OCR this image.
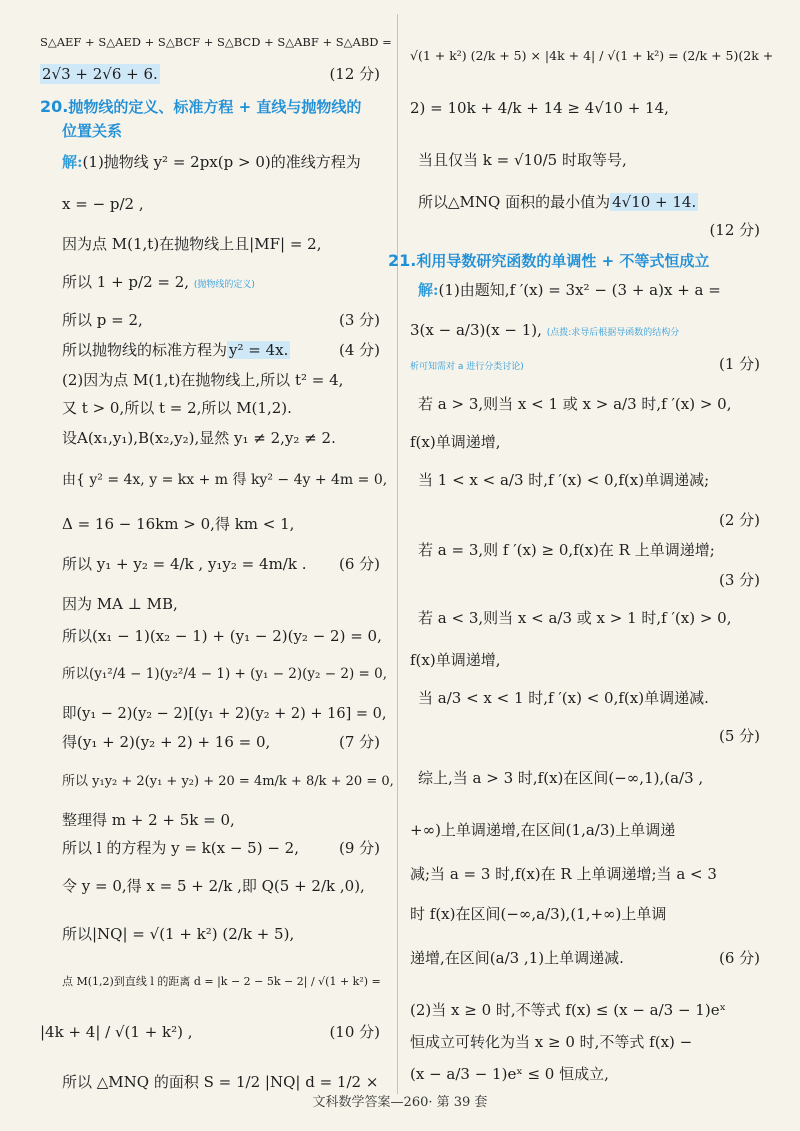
S△AEF + S△AED + S△BCF + S△BCD + S△ABF + S△ABD =
2√3 + 2√6 + 6.	(12 分)
20.抛物线的定义、标准方程 + 直线与抛物线的
位置关系
解:(1)抛物线 y² = 2px(p > 0)的准线方程为
x = − p/2 ,
因为点 M(1,t)在抛物线上且|MF| = 2,
所以 1 + p/2 = 2, (抛物线的定义)
所以 p = 2,	(3 分)
所以抛物线的标准方程为 y² = 4x.	(4 分)
(2)因为点 M(1,t)在抛物线上,所以 t² = 4,
又 t > 0,所以 t = 2,所以 M(1,2).
设A(x₁,y₁),B(x₂,y₂),显然 y₁ ≠ 2,y₂ ≠ 2.
由{ y² = 4x, y = kx + m 得 ky² − 4y + 4m = 0,
Δ = 16 − 16km > 0,得 km < 1,
所以 y₁ + y₂ = 4/k , y₁y₂ = 4m/k . (6 分)
因为 MA ⊥ MB,
所以(x₁ − 1)(x₂ − 1) + (y₁ − 2)(y₂ − 2) = 0,
所以(y₁²/4 − 1)(y₂²/4 − 1) + (y₁ − 2)(y₂ − 2) = 0,
即(y₁ − 2)(y₂ − 2)[(y₁ + 2)(y₂ + 2) + 16] = 0,
得(y₁ + 2)(y₂ + 2) + 16 = 0,	(7 分)
所以 y₁y₂ + 2(y₁ + y₂) + 20 = 4m/k + 8/k + 20 = 0,
整理得 m + 2 + 5k = 0,
所以 l 的方程为 y = k(x − 5) − 2,	(9 分)
令 y = 0,得 x = 5 + 2/k ,即 Q(5 + 2/k ,0),
所以|NQ| = √(1 + k²) (2/k + 5),
点 M(1,2)到直线 l 的距离 d = |k − 2 − 5k − 2| / √(1 + k²) =
|4k + 4| / √(1 + k²) ,	(10 分)
所以 △MNQ 的面积 S = 1/2 |NQ| d = 1/2 ×
√(1 + k²) (2/k + 5) × |4k + 4| / √(1 + k²) = (2/k + 5)(2k +
2) = 10k + 4/k + 14 ≥ 4√10 + 14,
当且仅当 k = √10/5 时取等号,
所以△MNQ 面积的最小值为 4√10 + 14.
(12 分)
21.利用导数研究函数的单调性 + 不等式恒成立
解:(1)由题知,f ′(x) = 3x² − (3 + a)x + a =
3(x − a/3)(x − 1), (点拨:求导后根据导函数的结构分
析可知需对 a 进行分类讨论)	(1 分)
若 a > 3,则当 x < 1 或 x > a/3 时,f ′(x) > 0,
f(x)单调递增,
当 1 < x < a/3 时,f ′(x) < 0,f(x)单调递减;
(2 分)
若 a = 3,则 f ′(x) ≥ 0,f(x)在 R 上单调递增;
(3 分)
若 a < 3,则当 x < a/3 或 x > 1 时,f ′(x) > 0,
f(x)单调递增,
当 a/3 < x < 1 时,f ′(x) < 0,f(x)单调递减.
(5 分)
综上,当 a > 3 时,f(x)在区间(−∞,1),(a/3 ,
+∞)上单调递增,在区间(1,a/3)上单调递
减;当 a = 3 时,f(x)在 R 上单调递增;当 a < 3
时 f(x)在区间(−∞,a/3),(1,+∞)上单调
递增,在区间(a/3 ,1)上单调递减.	(6 分)
(2)当 x ≥ 0 时,不等式 f(x) ≤ (x − a/3 − 1)eˣ
恒成立可转化为当 x ≥ 0 时,不等式 f(x) −
(x − a/3 − 1)eˣ ≤ 0 恒成立,
文科数学答案—260· 第 39 套
